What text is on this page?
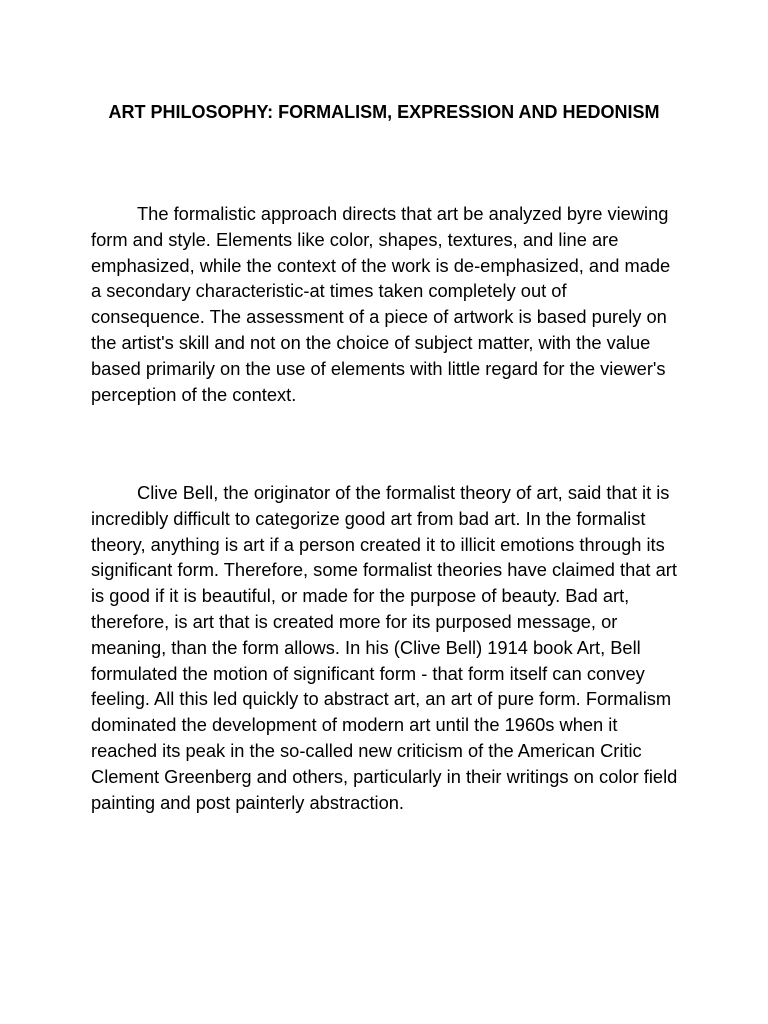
ART PHILOSOPHY: FORMALISM, EXPRESSION AND HEDONISM

The formalistic approach directs that art be analyzed byre viewing form and style. Elements like color, shapes, textures, and line are emphasized, while the context of the work is de-emphasized, and made a secondary characteristic-at times taken completely out of consequence. The assessment of a piece of artwork is based purely on the artist's skill and not on the choice of subject matter, with the value based primarily on the use of elements with little regard for the viewer's perception of the context.

Clive Bell, the originator of the formalist theory of art, said that it is incredibly difficult to categorize good art from bad art. In the formalist theory, anything is art if a person created it to illicit emotions through its significant form. Therefore, some formalist theories have claimed that art is good if it is beautiful, or made for the purpose of beauty. Bad art, therefore, is art that is created more for its purposed message, or meaning, than the form allows. In his (Clive Bell) 1914 book Art, Bell formulated the motion of significant form - that form itself can convey feeling. All this led quickly to abstract art, an art of pure form. Formalism dominated the development of modern art until the 1960s when it reached its peak in the so-called new criticism of the American Critic Clement Greenberg and others, particularly in their writings on color field painting and post painterly abstraction.
